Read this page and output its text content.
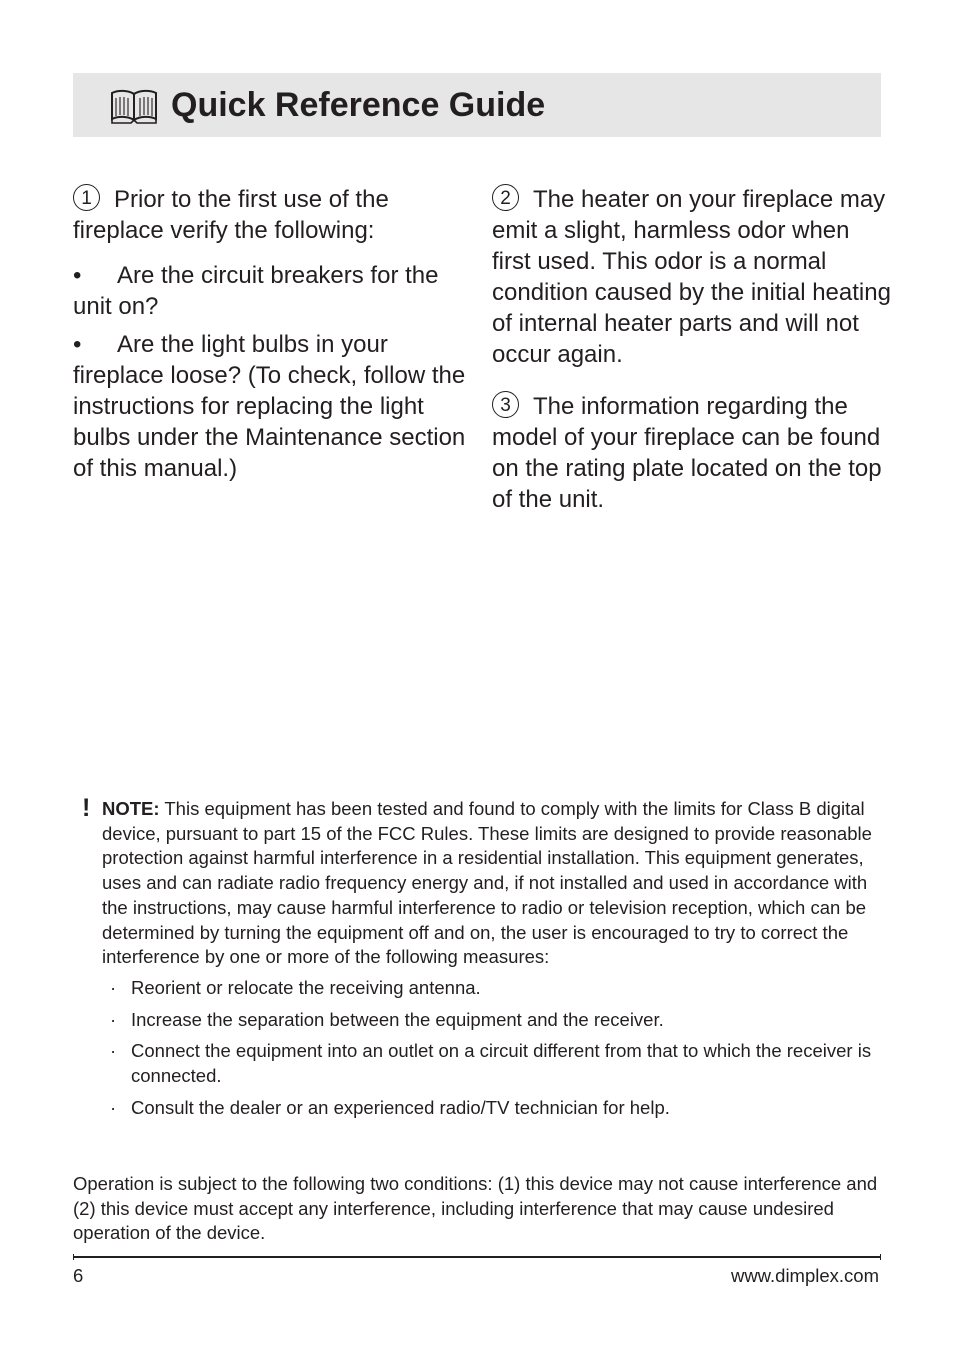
Quick Reference Guide

1 Prior to the first use of the fireplace verify the following:

• Are the circuit breakers for the unit on?

• Are the light bulbs in your fireplace loose? (To check, follow the instructions for replacing the light bulbs under the Maintenance section of this manual.)

2 The heater on your fireplace may emit a slight, harmless odor when first used. This odor is a normal condition caused by the initial heating of internal heater parts and will not occur again.

3 The information regarding the model of your fireplace can be found on the rating plate located on the top of the unit.

! NOTE: This equipment has been tested and found to comply with the limits for Class B digital device, pursuant to part 15 of the FCC Rules. These limits are designed to provide reasonable protection against harmful interference in a residential installation. This equipment generates, uses and can radiate radio frequency energy and, if not installed and used in accordance with the instructions, may cause harmful interference to radio or television reception, which can be determined by turning the equipment off and on, the user is encouraged to try to correct the interference by one or more of the following measures:
· Reorient or relocate the receiving antenna.
· Increase the separation between the equipment and the receiver.
· Connect the equipment into an outlet on a circuit different from that to which the receiver is connected.
· Consult the dealer or an experienced radio/TV technician for help.
Operation is subject to the following two conditions: (1) this device may not cause interference and (2) this device must accept any interference, including interference that may cause undesired operation of the device.
6	www.dimplex.com
